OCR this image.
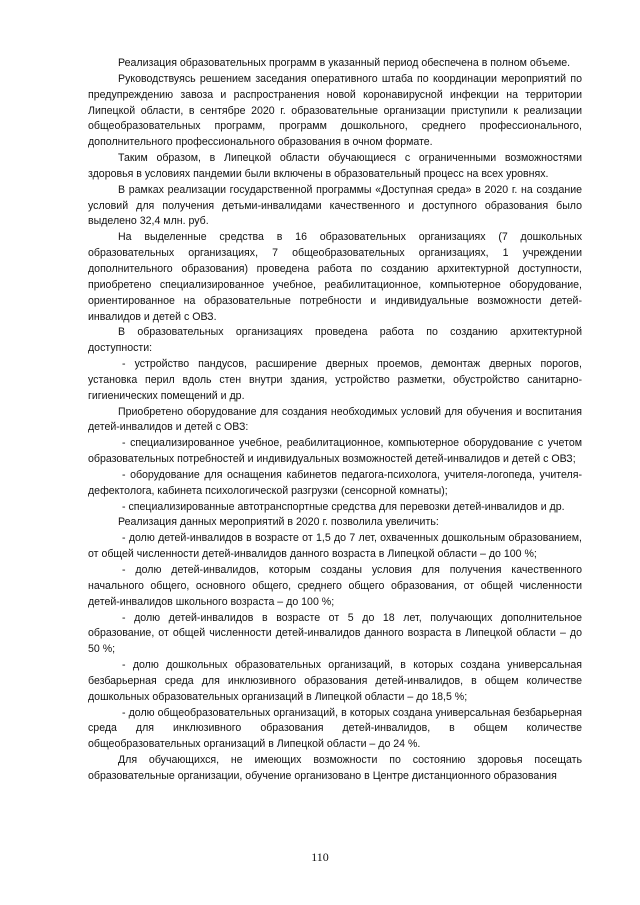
Реализация образовательных программ в указанный период обеспечена в полном объеме.

Руководствуясь решением заседания оперативного штаба по координации мероприятий по предупреждению завоза и распространения новой коронавирусной инфекции на территории Липецкой области, в сентябре 2020 г. образовательные организации приступили к реализации общеобразовательных программ, программ дошкольного, среднего профессионального, дополнительного профессионального образования в очном формате.

Таким образом, в Липецкой области обучающиеся с ограниченными возможностями здоровья в условиях пандемии были включены в образовательный процесс на всех уровнях.

В рамках реализации государственной программы «Доступная среда» в 2020 г. на создание условий для получения детьми-инвалидами качественного и доступного образования было выделено 32,4 млн. руб.

На выделенные средства в 16 образовательных организациях (7 дошкольных образовательных организациях, 7 общеобразовательных организациях, 1 учреждении дополнительного образования) проведена работа по созданию архитектурной доступности, приобретено специализированное учебное, реабилитационное, компьютерное оборудование, ориентированное на образовательные потребности и индивидуальные возможности детей-инвалидов и детей с ОВЗ.

В образовательных организациях проведена работа по созданию архитектурной доступности:

- устройство пандусов, расширение дверных проемов, демонтаж дверных порогов, установка перил вдоль стен внутри здания, устройство разметки, обустройство санитарно-гигиенических помещений и др.

Приобретено оборудование для создания необходимых условий для обучения и воспитания детей-инвалидов и детей с ОВЗ:

- специализированное учебное, реабилитационное, компьютерное оборудование с учетом образовательных потребностей и индивидуальных возможностей детей-инвалидов и детей с ОВЗ;

- оборудование для оснащения кабинетов педагога-психолога, учителя-логопеда, учителя-дефектолога, кабинета психологической разгрузки (сенсорной комнаты);

- специализированные автотранспортные средства для перевозки детей-инвалидов и др.

Реализация данных мероприятий в 2020 г. позволила увеличить:

- долю детей-инвалидов в возрасте от 1,5 до 7 лет, охваченных дошкольным образованием, от общей численности детей-инвалидов данного возраста в Липецкой области – до 100 %;

- долю детей-инвалидов, которым созданы условия для получения качественного начального общего, основного общего, среднего общего образования, от общей численности детей-инвалидов школьного возраста – до 100 %;

- долю детей-инвалидов в возрасте от 5 до 18 лет, получающих дополнительное образование, от общей численности детей-инвалидов данного возраста в Липецкой области – до 50 %;

- долю дошкольных образовательных организаций, в которых создана универсальная безбарьерная среда для инклюзивного образования детей-инвалидов, в общем количестве дошкольных образовательных организаций в Липецкой области – до 18,5 %;

- долю общеобразовательных организаций, в которых создана универсальная безбарьерная среда для инклюзивного образования детей-инвалидов, в общем количестве общеобразовательных организаций в Липецкой области – до 24 %.

Для обучающихся, не имеющих возможности по состоянию здоровья посещать образовательные организации, обучение организовано в Центре дистанционного образования

110
